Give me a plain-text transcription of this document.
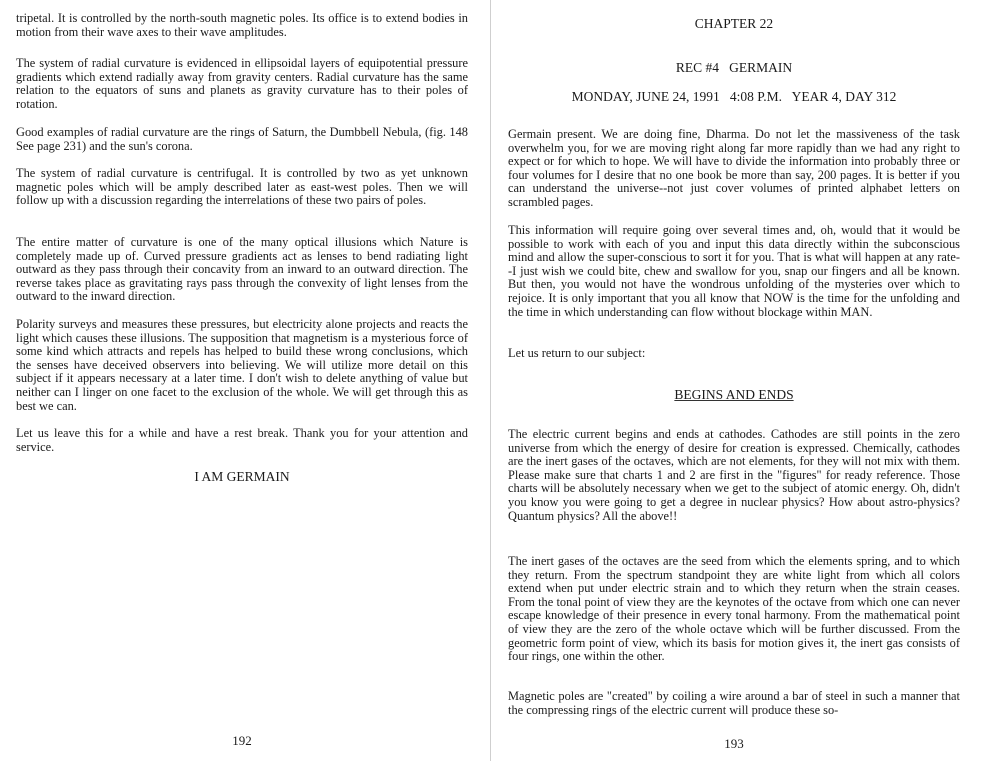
tripetal. It is controlled by the north-south magnetic poles. Its office is to extend bodies in motion from their wave axes to their wave amplitudes.

The system of radial curvature is evidenced in ellipsoidal layers of equipotential pressure gradients which extend radially away from gravity centers. Radial curvature has the same relation to the equators of suns and planets as gravity curvature has to their poles of rotation.

Good examples of radial curvature are the rings of Saturn, the Dumbbell Nebula, (fig. 148 See page 231) and the sun's corona.

The system of radial curvature is centrifugal. It is controlled by two as yet unknown magnetic poles which will be amply described later as east-west poles. Then we will follow up with a discussion regarding the interrelations of these two pairs of poles.

The entire matter of curvature is one of the many optical illusions which Nature is completely made up of. Curved pressure gradients act as lenses to bend radiating light outward as they pass through their concavity from an inward to an outward direction. The reverse takes place as gravitating rays pass through the convexity of light lenses from the outward to the inward direction.

Polarity surveys and measures these pressures, but electricity alone projects and reacts the light which causes these illusions. The supposition that magnetism is a mysterious force of some kind which attracts and repels has helped to build these wrong conclusions, which the senses have deceived observers into believing. We will utilize more detail on this subject if it appears necessary at a later time. I don't wish to delete anything of value but neither can I linger on one facet to the exclusion of the whole. We will get through this as best we can.

Let us leave this for a while and have a rest break. Thank you for your attention and service.

I AM GERMAIN

192

CHAPTER 22

REC #4   GERMAIN

MONDAY, JUNE 24, 1991   4:08 P.M.   YEAR 4, DAY 312

Germain present. We are doing fine, Dharma. Do not let the massiveness of the task overwhelm you, for we are moving right along far more rapidly than we had any right to expect or for which to hope. We will have to divide the information into probably three or four volumes for I desire that no one book be more than say, 200 pages. It is better if you can understand the universe--not just cover volumes of printed alphabet letters on scrambled pages.

This information will require going over several times and, oh, would that it would be possible to work with each of you and input this data directly within the subconscious mind and allow the super-conscious to sort it for you. That is what will happen at any rate--I just wish we could bite, chew and swallow for you, snap our fingers and all be known. But then, you would not have the wondrous unfolding of the mysteries over which to rejoice. It is only important that you all know that NOW is the time for the unfolding and the time in which understanding can flow without blockage within MAN.

Let us return to our subject:

BEGINS AND ENDS

The electric current begins and ends at cathodes. Cathodes are still points in the zero universe from which the energy of desire for creation is expressed. Chemically, cathodes are the inert gases of the octaves, which are not elements, for they will not mix with them. Please make sure that charts 1 and 2 are first in the "figures" for ready reference. Those charts will be absolutely necessary when we get to the subject of atomic energy. Oh, didn't you know you were going to get a degree in nuclear physics? How about astro-physics? Quantum physics? All the above!!

The inert gases of the octaves are the seed from which the elements spring, and to which they return. From the spectrum standpoint they are white light from which all colors extend when put under electric strain and to which they return when the strain ceases. From the tonal point of view they are the keynotes of the octave from which one can never escape knowledge of their presence in every tonal harmony. From the mathematical point of view they are the zero of the whole octave which will be further discussed. From the geometric form point of view, which its basis for motion gives it, the inert gas consists of four rings, one within the other.

Magnetic poles are "created" by coiling a wire around a bar of steel in such a manner that the compressing rings of the electric current will produce these so-

193
